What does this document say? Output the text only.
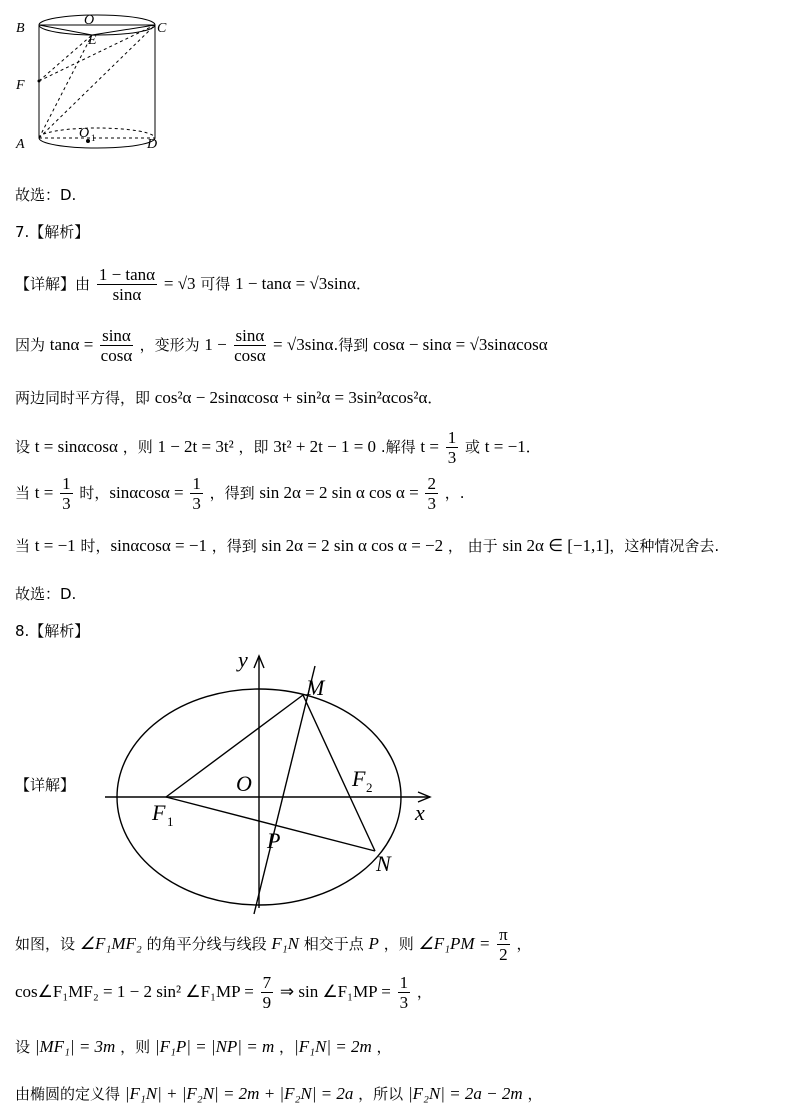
O
B	C
E
F
A
O 1	D
故选：D.
7.【解析】
【详解】由 $\frac{1 - \tan\alpha}{\sin\alpha} = √3$ 可得 1 − tanα = √3sinα．
因为 $\tan\alpha = \frac{\sin\alpha}{\cos\alpha}$ ，变形为 $1 - \frac{\sin\alpha}{\cos\alpha} = √3\sin\alpha$.得到 cosα − sinα = √3sinαcosα
两边同时平方得，即 cos²α − 2sinαcosα + sin²α = 3sin²αcos²α．
设 t = sinαcosα ，则 1 − 2t = 3t² ，即 3t² + 2t − 1 = 0 .解得 $t = \frac{1}{3}$ 或 t = −1．
当 $t = \frac{1}{3}$ 时，$\sin\alpha\cos\alpha = \frac{1}{3}$ ，得到 sin 2α = 2 sin α $\cos \alpha = \frac{2}{3}$ ，.
当 t = −1 时，sinαcosα = −1 ，得到 sin 2α = 2 sin α cos α = −2 ， 由于 sin 2α ∈ [−1,1]，这种情况舍去.
故选：D.
8.【解析】
【详解】
y
M
O	F 2
F 1	x
P
N
如图，设 ∠F₁MF₂ 的角平分线与线段 F₁N 相交于点 P ，则 ∠F₁PM = $\frac{\pi}{2}$ ，
cos∠F₁MF₂ = 1 − 2 sin² ∠F₁MP = $\frac{7}{9}$ ⇒ sin ∠F₁MP = $\frac{1}{3}$ ，
设 |MF₁| = 3m ，则 |F₁P| = |NP| = m ，|F₁N| = 2m ，
由椭圆的定义得 |F₁N| + |F₂N| = 2m + |F₂N| = 2a ，所以 |F₂N| = 2a − 2m ，
